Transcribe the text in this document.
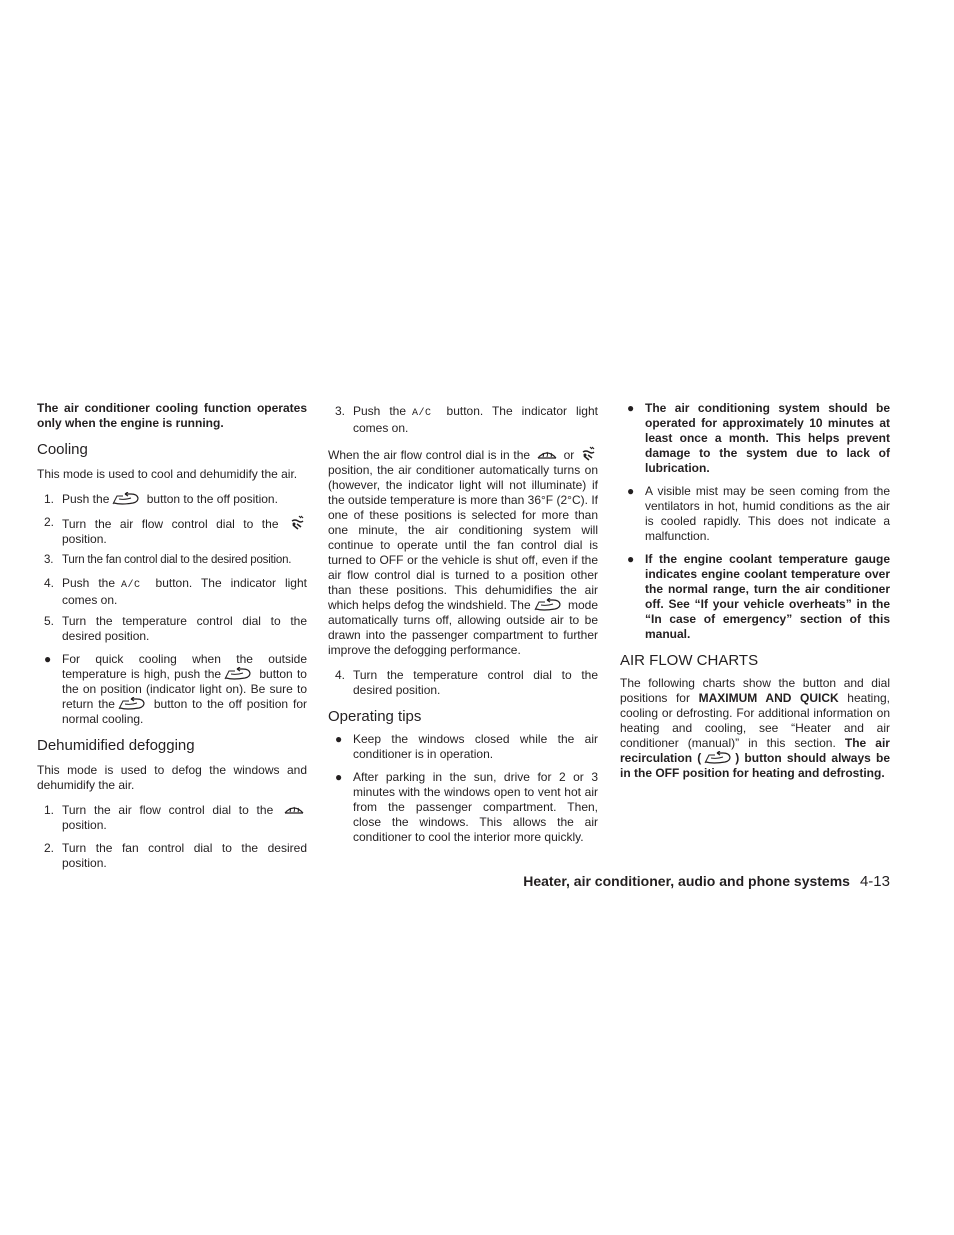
The air conditioner cooling function operates only when the engine is running.

Cooling

This mode is used to cool and dehumidify the air.

1. Push the	button to the off position.
2. Turn the air flow control dial to the
position.
3. Turn the fan control dial to the desired position.
4. Push the A/C button. The indicator light comes on.
5. Turn the temperature control dial to the desired position.
● For quick cooling when the outside temperature is high, push the	button to the on position (indicator light on). Be sure to return the	button to the off position for normal cooling.
Dehumidified defogging

This mode is used to defog the windows and dehumidify the air.

1. Turn the air flow control dial to the
position.
2. Turn the fan control dial to the desired position.
3. Push the A/C button. The indicator light comes on.

When the air flow control dial is in the	or
position, the air conditioner automatically turns on (however, the indicator light will not illuminate) if the outside temperature is more than 36°F (2°C). If one of these positions is selected for more than one minute, the air conditioning system will continue to operate until the fan control dial is turned to OFF or the vehicle is shut off, even if the air flow control dial is turned to a position other than these positions. This dehumidifies the air which helps defog the windshield. The	mode automatically turns off, allowing outside air to be drawn into the passenger compartment to further improve the defogging performance.

4. Turn the temperature control dial to the desired position.
Operating tips
● Keep the windows closed while the air conditioner is in operation.
● After parking in the sun, drive for 2 or 3 minutes with the windows open to vent hot air from the passenger compartment. Then, close the windows. This allows the air conditioner to cool the interior more quickly.
● The air conditioning system should be operated for approximately 10 minutes at least once a month. This helps prevent damage to the system due to lack of lubrication.
● A visible mist may be seen coming from the ventilators in hot, humid conditions as the air is cooled rapidly. This does not indicate a malfunction.
● If the engine coolant temperature gauge indicates engine coolant temperature over the normal range, turn the air conditioner off. See “If your vehicle overheats” in the “In case of emergency” section of this manual.
AIR FLOW CHARTS

The following charts show the button and dial positions for MAXIMUM AND QUICK heating, cooling or defrosting. For additional information on heating and cooling, see “Heater and air conditioner (manual)” in this section. The air recirculation (	) button should always be in the OFF position for heating and defrosting.

Heater, air conditioner, audio and phone systems 4-13
